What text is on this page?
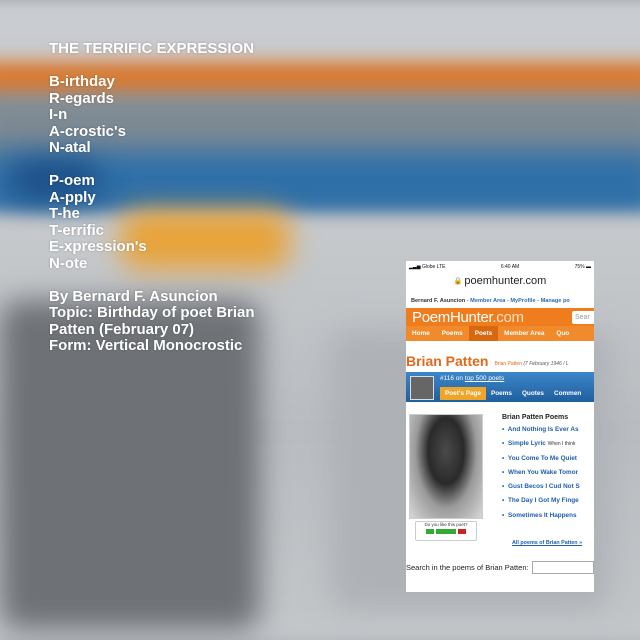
THE TERRIFIC EXPRESSION
B-irthday
R-egards
I-n
A-crostic's
N-atal
P-oem
A-pply
T-he
T-errific
E-xpression's
N-ote
By Bernard F. Asuncion
Topic: Birthday of poet Brian
Patten (February 07)
Form: Vertical Monocrostic
▂▃▅ Globe LTE	6:40 AM	75% ▬
🔒 poemhunter.com
Bernard F. Asuncion - Member Area - MyProfile - Manage po
PoemHunter.com	Sear
Home	Poems	Poets	Member Area	Quo
Brian Patten Brian Patten (7 February 1946 / L
#116 on top 500 poets
Poet's Page	Poems	Quotes	Commen
Do you like this poet?
Brian Patten Poems
• And Nothing Is Ever As
• Simple Lyric When I think
• You Come To Me Quiet
• When You Wake Tomor
• Gust Becos I Cud Not S
• The Day I Got My Finge
• Sometimes It Happens
All poems of Brian Patten »
Search in the poems of Brian Patten:
